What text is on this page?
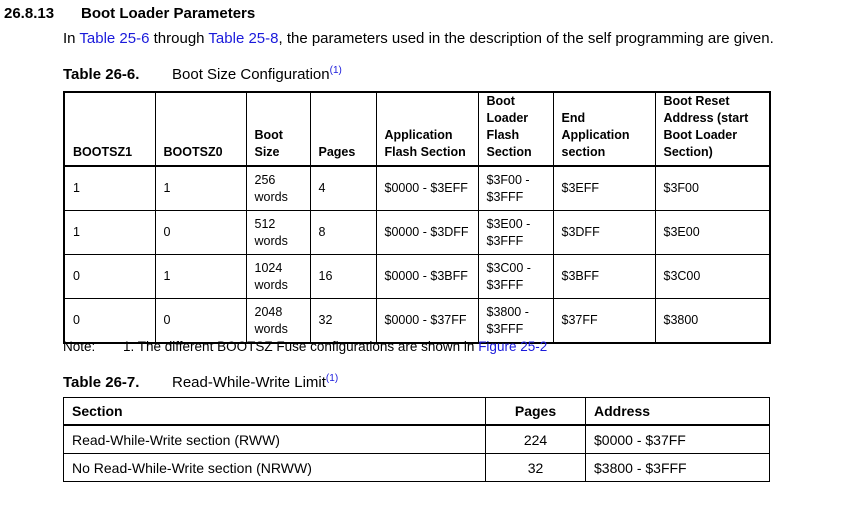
26.8.13 Boot Loader Parameters
In Table 25-6 through Table 25-8, the parameters used in the description of the self programming are given.
Table 26-6. Boot Size Configuration$^{(1)}$
BOOTSZ1	BOOTSZ0	Boot Size	Pages	Application Flash Section	Boot Loader Flash Section	End Application section	Boot Reset Address (start Boot Loader Section)
1	1	256 words	4	$0000 - $3EFF	$3F00 - $3FFF	$3EFF	$3F00
1	0	512 words	8	$0000 - $3DFF	$3E00 - $3FFF	$3DFF	$3E00
0	1	1024 words	16	$0000 - $3BFF	$3C00 - $3FFF	$3BFF	$3C00
0	0	2048 words	32	$0000 - $37FF	$3800 - $3FFF	$37FF	$3800
Note: 1. The different BOOTSZ Fuse configurations are shown in Figure 25-2
Table 26-7. Read-While-Write Limit$^{(1)}$
Section	Pages	Address
Read-While-Write section (RWW)	224	$0000 - $37FF
No Read-While-Write section (NRWW)	32	$3800 - $3FFF
